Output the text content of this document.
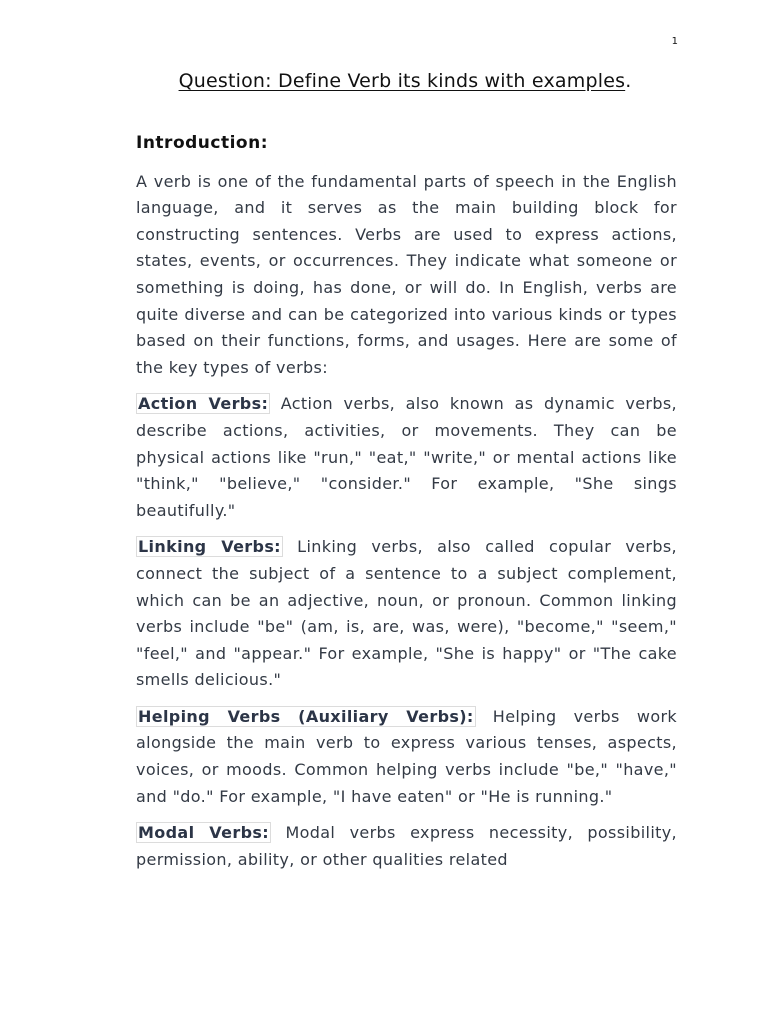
1
Question: Define Verb its kinds with examples.
Introduction:

A verb is one of the fundamental parts of speech in the English language, and it serves as the main building block for constructing sentences. Verbs are used to express actions, states, events, or occurrences. They indicate what someone or something is doing, has done, or will do. In English, verbs are quite diverse and can be categorized into various kinds or types based on their functions, forms, and usages. Here are some of the key types of verbs:

Action Verbs: Action verbs, also known as dynamic verbs, describe actions, activities, or movements. They can be physical actions like "run," "eat," "write," or mental actions like "think," "believe," "consider." For example, "She sings beautifully."

Linking Verbs: Linking verbs, also called copular verbs, connect the subject of a sentence to a subject complement, which can be an adjective, noun, or pronoun. Common linking verbs include "be" (am, is, are, was, were), "become," "seem," "feel," and "appear." For example, "She is happy" or "The cake smells delicious."

Helping Verbs (Auxiliary Verbs): Helping verbs work alongside the main verb to express various tenses, aspects, voices, or moods. Common helping verbs include "be," "have," and "do." For example, "I have eaten" or "He is running."

Modal Verbs: Modal verbs express necessity, possibility, permission, ability, or other qualities related
